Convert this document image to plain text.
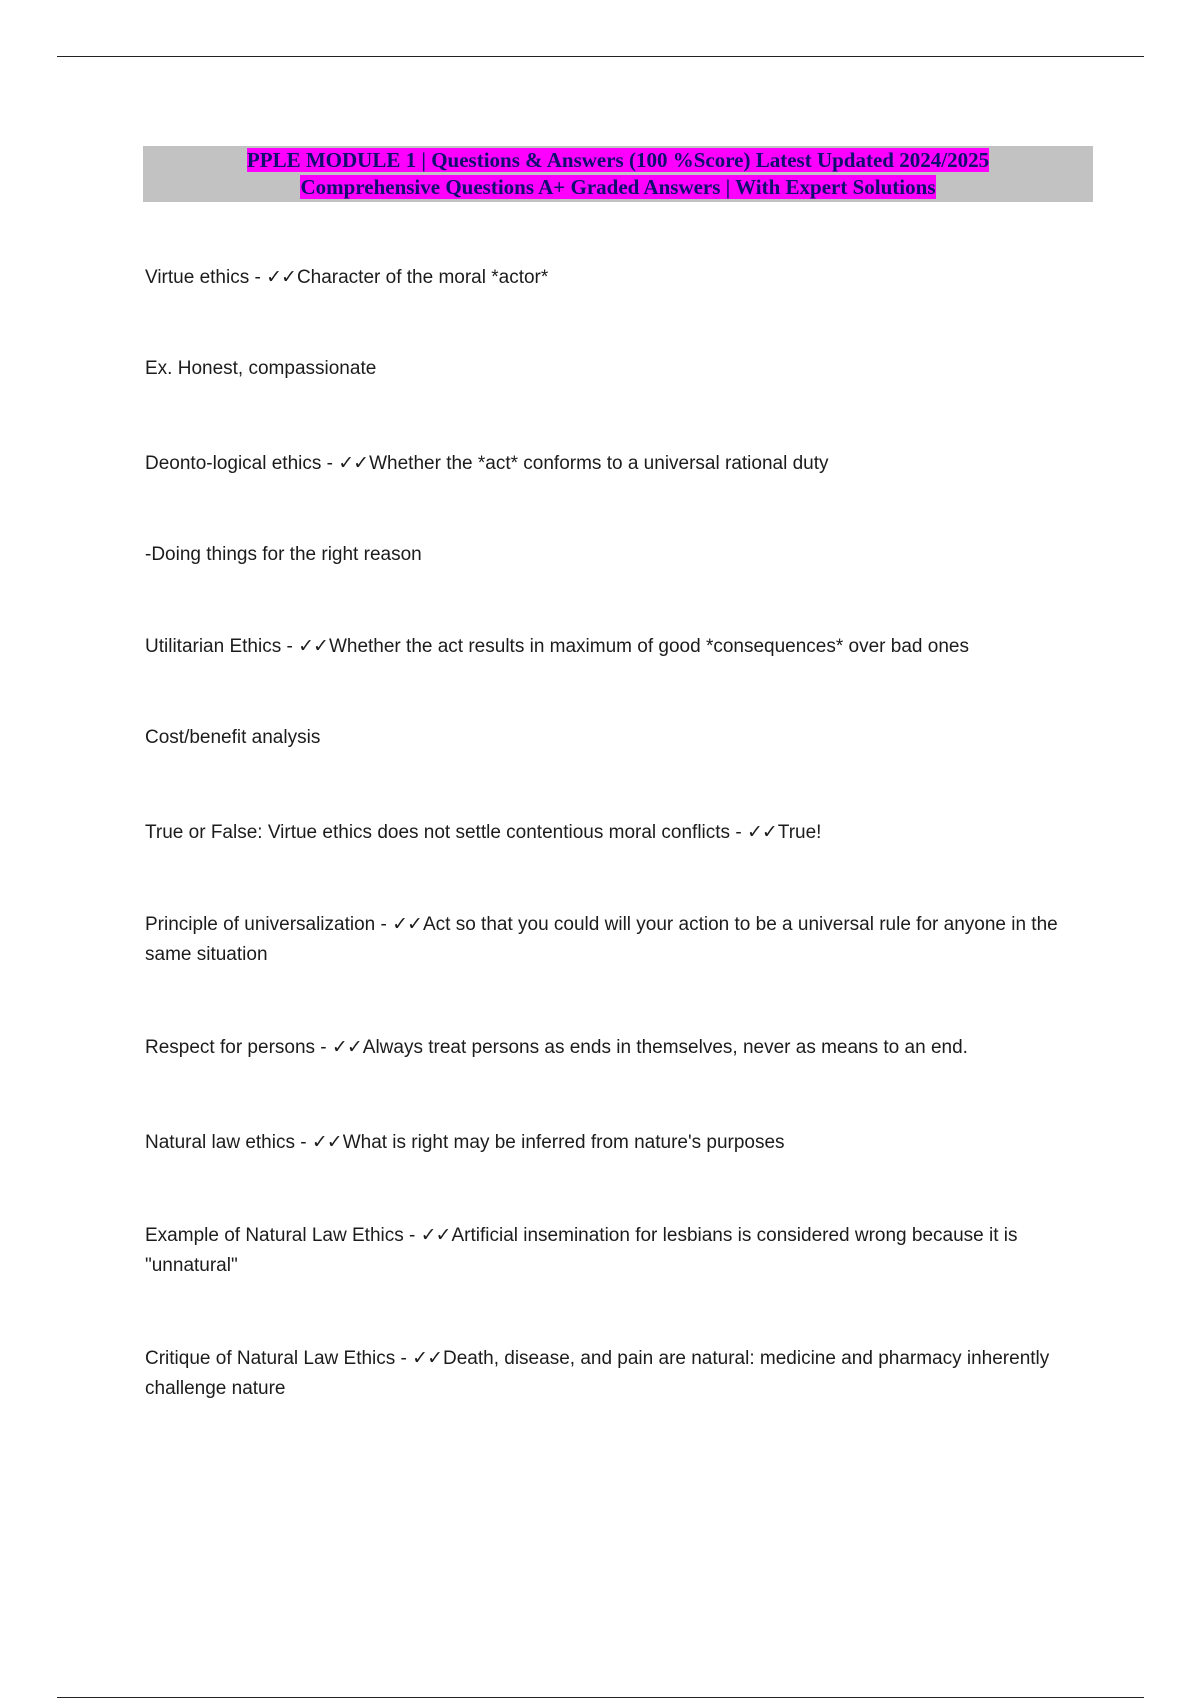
PPLE MODULE 1 | Questions & Answers (100 %Score) Latest Updated 2024/2025
Comprehensive Questions A+ Graded Answers | With Expert Solutions
Virtue ethics - ✓✓Character of the moral *actor*
Ex. Honest, compassionate
Deonto-logical ethics - ✓✓Whether the *act* conforms to a universal rational duty
-Doing things for the right reason
Utilitarian Ethics - ✓✓Whether the act results in maximum of good *consequences* over bad ones
Cost/benefit analysis
True or False: Virtue ethics does not settle contentious moral conflicts - ✓✓True!
Principle of universalization - ✓✓Act so that you could will your action to be a universal rule for anyone in the same situation
Respect for persons - ✓✓Always treat persons as ends in themselves, never as means to an end.
Natural law ethics - ✓✓What is right may be inferred from nature's purposes
Example of Natural Law Ethics - ✓✓Artificial insemination for lesbians is considered wrong because it is "unnatural"
Critique of Natural Law Ethics - ✓✓Death, disease, and pain are natural: medicine and pharmacy inherently challenge nature
